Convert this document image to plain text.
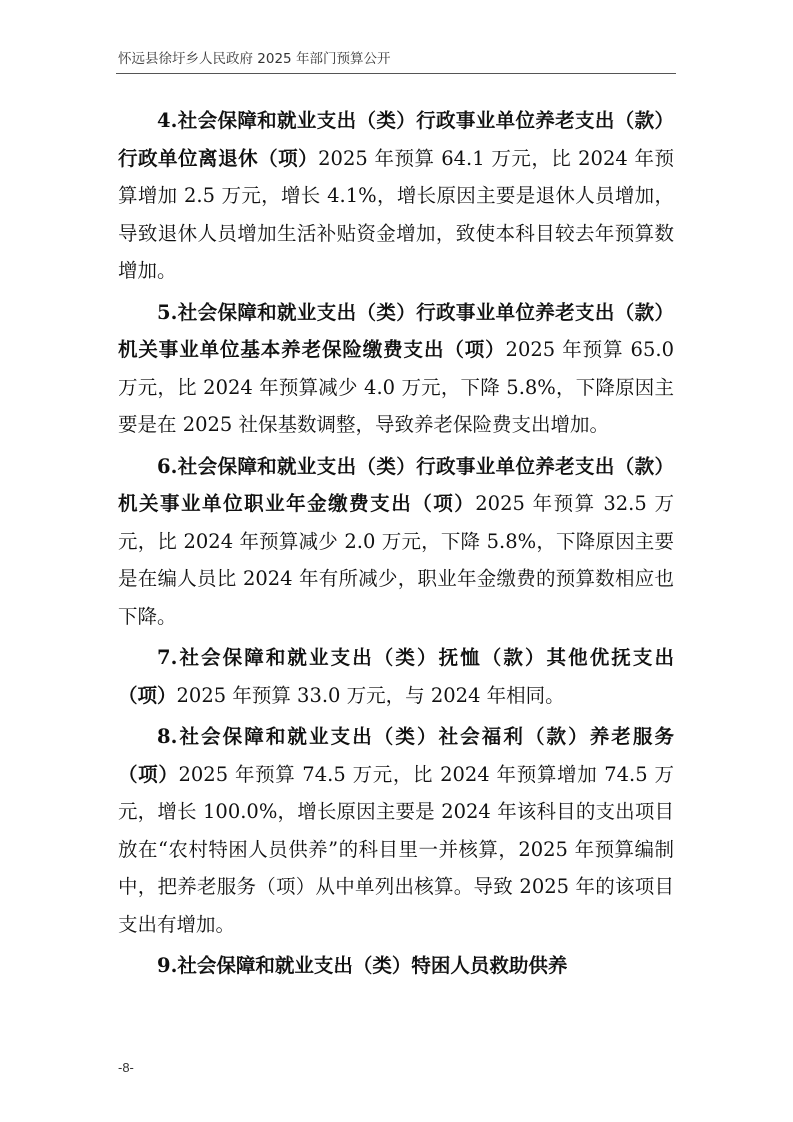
怀远县徐圩乡人民政府 2025 年部门预算公开

4.社会保障和就业支出（类）行政事业单位养老支出（款）行政单位离退休（项）2025 年预算 64.1 万元，比 2024 年预算增加 2.5 万元，增长 4.1%，增长原因主要是退休人员增加，导致退休人员增加生活补贴资金增加，致使本科目较去年预算数增加。

5.社会保障和就业支出（类）行政事业单位养老支出（款）机关事业单位基本养老保险缴费支出（项）2025 年预算 65.0 万元，比 2024 年预算减少 4.0 万元，下降 5.8%，下降原因主要是在 2025 社保基数调整，导致养老保险费支出增加。

6.社会保障和就业支出（类）行政事业单位养老支出（款）机关事业单位职业年金缴费支出（项）2025 年预算 32.5 万元，比 2024 年预算减少 2.0 万元，下降 5.8%，下降原因主要是在编人员比 2024 年有所减少，职业年金缴费的预算数相应也下降。

7.社会保障和就业支出（类）抚恤（款）其他优抚支出（项）2025 年预算 33.0 万元，与 2024 年相同。

8.社会保障和就业支出（类）社会福利（款）养老服务（项）2025 年预算 74.5 万元，比 2024 年预算增加 74.5 万元，增长 100.0%，增长原因主要是 2024 年该科目的支出项目放在“农村特困人员供养”的科目里一并核算，2025 年预算编制中，把养老服务（项）从中单列出核算。导致 2025 年的该项目支出有增加。

9.社会保障和就业支出（类）特困人员救助供养

-8-
